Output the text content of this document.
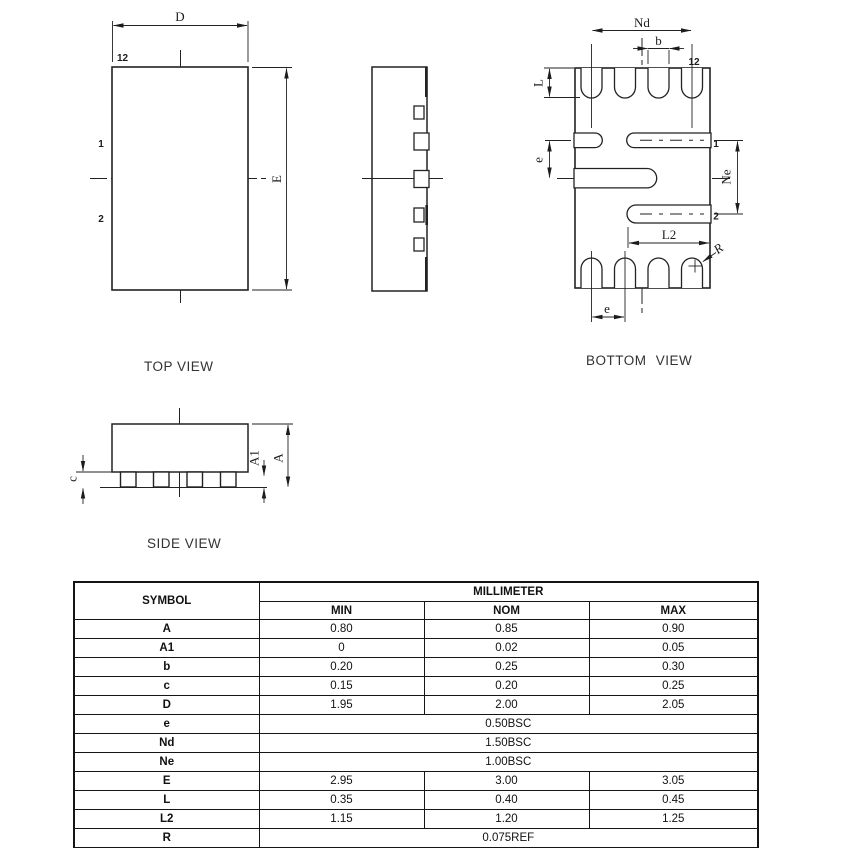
D
E
12
1
2
Nd
b
12
L
e
Ne
L2
R
e
1
2
c
A1 A
TOP VIEW	BOTTOM VIEW
SIDE VIEW
SYMBOL	MILLIMETER		
	MIN	NOM	MAX
A	0.80	0.85	0.90
A1	0	0.02	0.05
b	0.20	0.25	0.30
c	0.15	0.20	0.25
D	1.95	2.00	2.05
e	0.50BSC		
Nd	1.50BSC		
Ne	1.00BSC		
E	2.95	3.00	3.05
L	0.35	0.40	0.45
L2	1.15	1.20	1.25
R	0.075REF		
